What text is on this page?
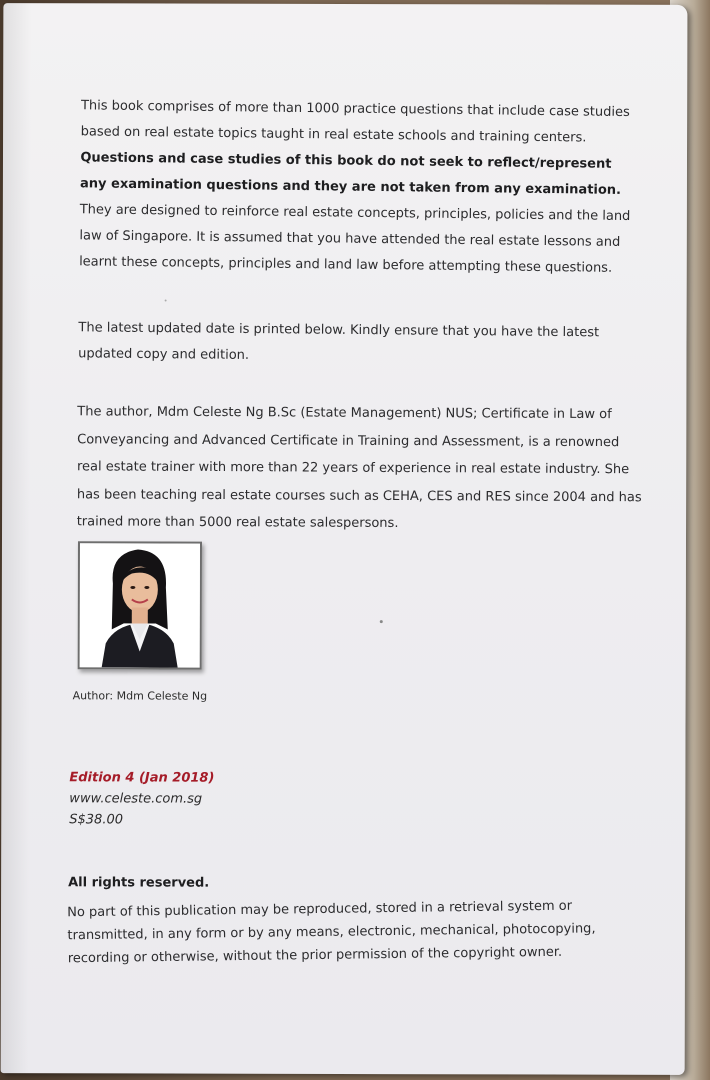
This book comprises of more than 1000 practice questions that include case studies based on real estate topics taught in real estate schools and training centers. Questions and case studies of this book do not seek to reflect/represent any examination questions and they are not taken from any examination. They are designed to reinforce real estate concepts, principles, policies and the land law of Singapore. It is assumed that you have attended the real estate lessons and learnt these concepts, principles and land law before attempting these questions.
The latest updated date is printed below. Kindly ensure that you have the latest updated copy and edition.
The author, Mdm Celeste Ng B.Sc (Estate Management) NUS; Certificate in Law of Conveyancing and Advanced Certificate in Training and Assessment, is a renowned real estate trainer with more than 22 years of experience in real estate industry. She has been teaching real estate courses such as CEHA, CES and RES since 2004 and has trained more than 5000 real estate salespersons.
Author: Mdm Celeste Ng
Edition 4 (Jan 2018)
www.celeste.com.sg
S$38.00
All rights reserved.
No part of this publication may be reproduced, stored in a retrieval system or transmitted, in any form or by any means, electronic, mechanical, photocopying, recording or otherwise, without the prior permission of the copyright owner.
